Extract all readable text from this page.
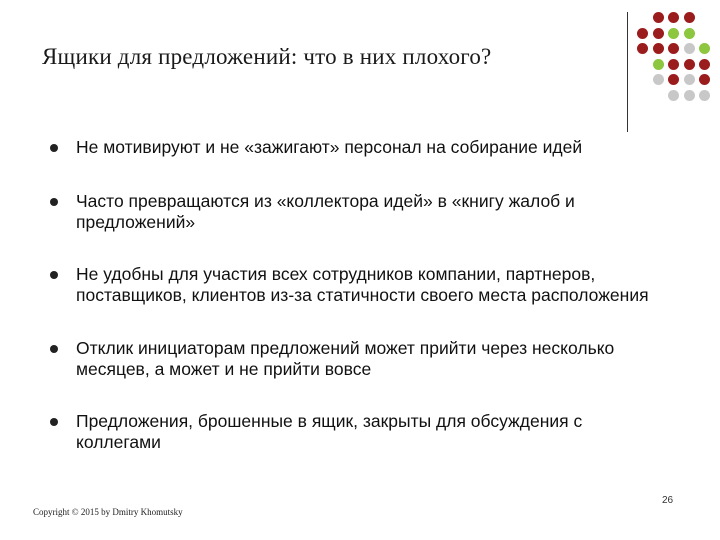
Ящики для предложений: что в них плохого?
Не мотивируют и не «зажигают» персонал на собирание идей
Часто превращаются из «коллектора идей» в «книгу жалоб и предложений»
Не удобны для участия всех сотрудников компании, партнеров, поставщиков, клиентов из-за статичности своего места расположения
Отклик инициаторам предложений может прийти через несколько месяцев, а может и не прийти вовсе
Предложения, брошенные в ящик, закрыты для обсуждения с коллегами
26
Copyright © 2015 by Dmitry Khomutsky
